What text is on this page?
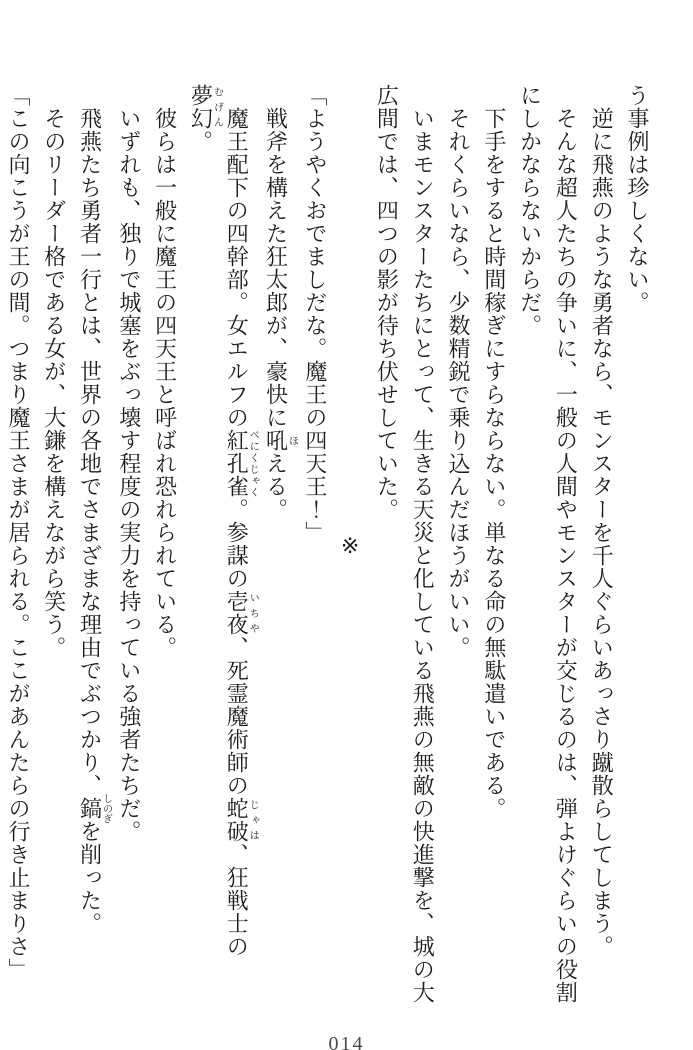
う事例は珍しくない。

逆に飛燕のような勇者なら、モンスターを千人ぐらいあっさり蹴散らしてしまう。

そんな超人たちの争いに、一般の人間やモンスターが交じるのは、弾よけぐらいの役割にしかならないからだ。

下手をすると時間稼ぎにすらならない。単なる命の無駄遣いである。

それくらいなら、少数精鋭で乗り込んだほうがいい。

いまモンスターたちにとって、生きる天災と化している飛燕の無敵の快進撃を、城の大広間では、四つの影が待ち伏せしていた。

※

「ようやくおでましだな。魔王の四天王！」

戦斧を構えた狂太郎が、豪快に吼ほえる。

魔王配下の四幹部。女エルフの紅孔雀べにくじゃく。参謀の壱夜いちや、死霊魔術師の蛇破じゃは、狂戦士の夢幻むげん。

彼らは一般に魔王の四天王と呼ばれ恐れられている。

いずれも、独りで城塞をぶっ壊す程度の実力を持っている強者たちだ。

飛燕たち勇者一行とは、世界の各地でさまざまな理由でぶつかり、鎬しのぎを削った。

そのリーダー格である女が、大鎌を構えながら笑う。

「この向こうが王の間。つまり魔王さまが居られる。ここがあんたらの行き止まりさ」

014
